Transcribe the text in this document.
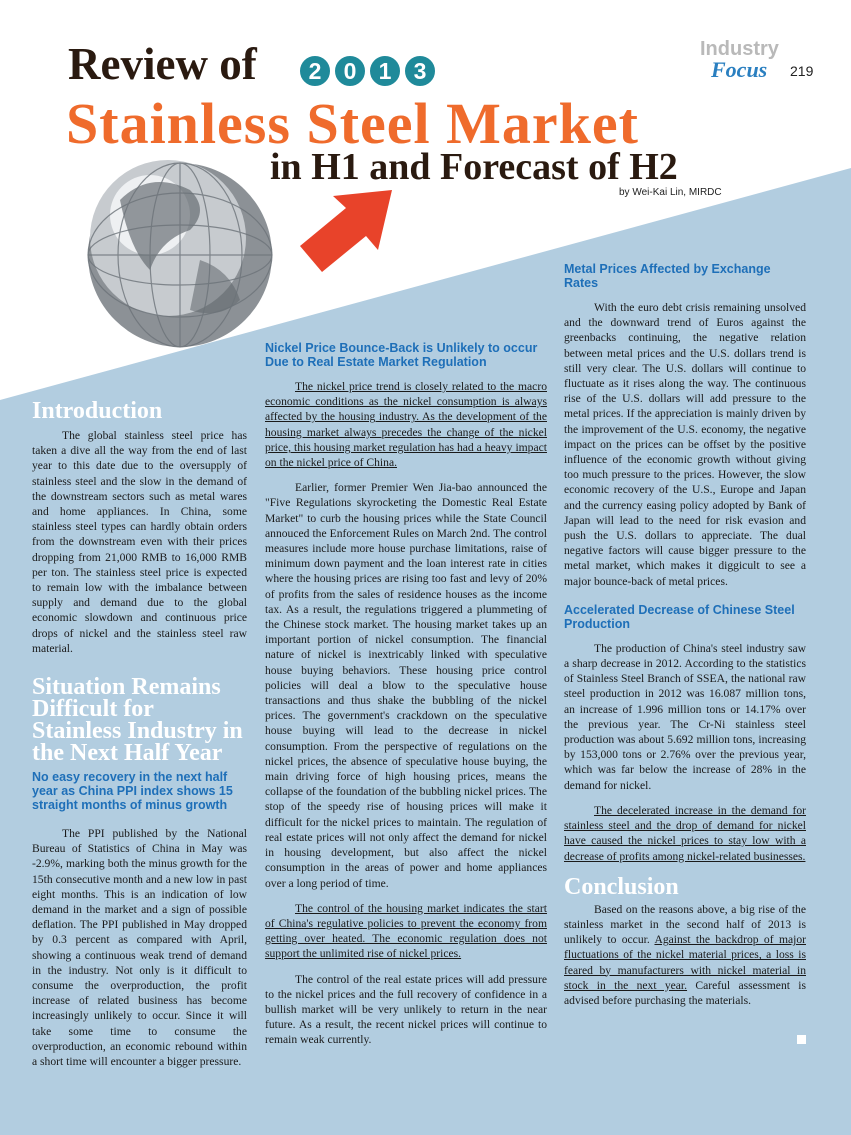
Industry
Focus 219
Review of	2 0 1 3
Stainless Steel Market
in H1 and Forecast of H2
by Wei-Kai Lin, MIRDC
Introduction

The global stainless steel price has taken a dive all the way from the end of last year to this date due to the oversupply of stainless steel and the slow in the demand of the downstream sectors such as metal wares and home appliances. In China, some stainless steel types can hardly obtain orders from the downstream even with their prices dropping from 21,000 RMB to 16,000 RMB per ton. The stainless steel price is expected to remain low with the imbalance between supply and demand due to the global economic slowdown and continuous price drops of nickel and the stainless steel raw material.

Situation Remains Difficult for Stainless Industry in the Next Half Year
No easy recovery in the next half year as China PPI index shows 15 straight months of minus growth

The PPI published by the National Bureau of Statistics of China in May was -2.9%, marking both the minus growth for the 15th consecutive month and a new low in past eight months. This is an indication of low demand in the market and a sign of possible deflation. The PPI published in May dropped by 0.3 percent as compared with April, showing a continuous weak trend of demand in the industry. Not only is it difficult to consume the overproduction, the profit increase of related business has become increasingly unlikely to occur. Since it will take some time to consume the overproduction, an economic rebound within a short time will encounter a bigger pressure.

Nickel Price Bounce-Back is Unlikely to occur Due to Real Estate Market Regulation

The nickel price trend is closely related to the macro economic conditions as the nickel consumption is always affected by the housing industry. As the development of the housing market always precedes the change of the nickel price, this housing market regulation has had a heavy impact on the nickel price of China.

Earlier, former Premier Wen Jia-bao announced the "Five Regulations skyrocketing the Domestic Real Estate Market" to curb the housing prices while the State Council annouced the Enforcement Rules on March 2nd. The control measures include more house purchase limitations, raise of minimum down payment and the loan interest rate in cities where the housing prices are rising too fast and levy of 20% of profits from the sales of residence houses as the income tax. As a result, the regulations triggered a plummeting of the Chinese stock market. The housing market takes up an important portion of nickel consumption. The financial nature of nickel is inextricably linked with speculative house buying behaviors. These housing price control policies will deal a blow to the speculative house transactions and thus shake the bubbling of the nickel prices. The government's crackdown on the speculative house buying will lead to the decrease in nickel consumption. From the perspective of regulations on the nickel prices, the absence of speculative house buying, the main driving force of high housing prices, means the collapse of the foundation of the bubbling nickel prices. The stop of the speedy rise of housing prices will make it difficult for the nickel prices to maintain. The regulation of real estate prices will not only affect the demand for nickel in housing development, but also affect the nickel consumption in the areas of power and home appliances over a long period of time.

The control of the housing market indicates the start of China's regulative policies to prevent the economy from getting over heated. The economic regulation does not support the unlimited rise of nickel prices.

The control of the real estate prices will add pressure to the nickel prices and the full recovery of confidence in a bullish market will be very unlikely to return in the near future. As a result, the recent nickel prices will continue to remain weak currently.

Metal Prices Affected by Exchange Rates

With the euro debt crisis remaining unsolved and the downward trend of Euros against the greenbacks continuing, the negative relation between metal prices and the U.S. dollars trend is still very clear. The U.S. dollars will continue to fluctuate as it rises along the way. The continuous rise of the U.S. dollars will add pressure to the metal prices. If the appreciation is mainly driven by the improvement of the U.S. economy, the negative impact on the prices can be offset by the positive influence of the economic growth without giving too much pressure to the prices. However, the slow economic recovery of the U.S., Europe and Japan and the currency easing policy adopted by Bank of Japan will lead to the need for risk evasion and push the U.S. dollars to appreciate. The dual negative factors will cause bigger pressure to the metal market, which makes it diggicult to see a major bounce-back of metal prices.

Accelerated Decrease of Chinese Steel Production

The production of China's steel industry saw a sharp decrease in 2012. According to the statistics of Stainless Steel Branch of SSEA, the national raw steel production in 2012 was 16.087 million tons, an increase of 1.996 million tons or 14.17% over the previous year. The Cr-Ni stainless steel production was about 5.692 million tons, increasing by 153,000 tons or 2.76% over the previous year, which was far below the increase of 28% in the demand for nickel.

The decelerated increase in the demand for stainless steel and the drop of demand for nickel have caused the nickel prices to stay low with a decrease of profits among nickel-related businesses.

Conclusion

Based on the reasons above, a big rise of the stainless market in the second half of 2013 is unlikely to occur. Against the backdrop of major fluctuations of the nickel material prices, a loss is feared by manufacturers with nickel material in stock in the next year. Careful assessment is advised before purchasing the materials.
